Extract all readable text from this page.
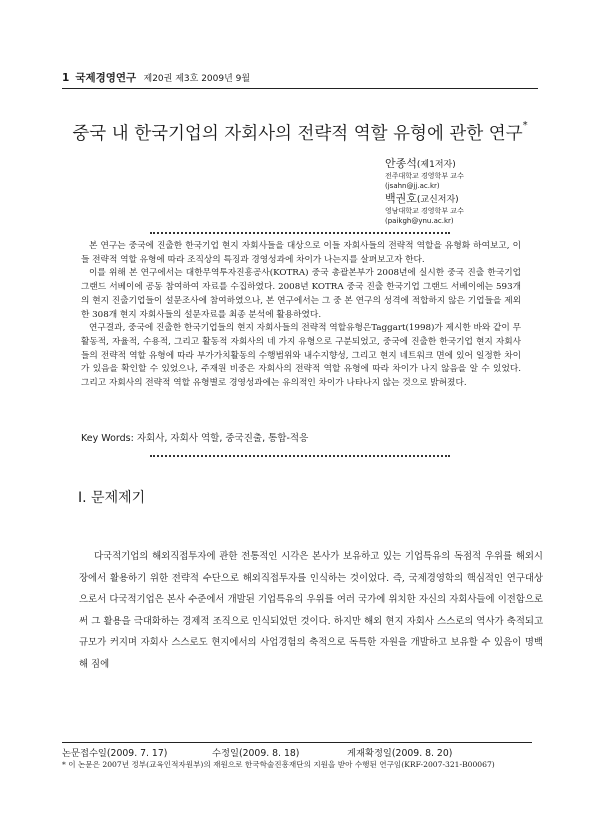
1 국제경영연구 제20권 제3호 2009년 9월
중국 내 한국기업의 자회사의 전략적 역할 유형에 관한 연구*
안종석(제1저자)
전주대학교 경영학부 교수
(jsahn@jj.ac.kr)
백권호(교신저자)
영남대학교 경영학부 교수
(paikgh@ynu.ac.kr)

본 연구는 중국에 진출한 한국기업 현지 자회사들을 대상으로 이들 자회사들의 전략적 역할을 유형화 하여보고, 이들 전략적 역할 유형에 따라 조직상의 특징과 경영성과에 차이가 나는지를 살펴보고자 한다.

이를 위해 본 연구에서는 대한무역투자진흥공사(KOTRA) 중국 총괄본부가 2008년에 실시한 중국 진출 한국기업 그랜드 서베이에 공동 참여하여 자료를 수집하였다. 2008년 KOTRA 중국 진출 한국기업 그랜드 서베이에는 593개의 현지 진출기업들이 설문조사에 참여하였으나, 본 연구에서는 그 중 본 연구의 성격에 적합하지 않은 기업들을 제외한 308개 현지 자회사들의 설문자료를 최종 분석에 활용하였다.

연구결과, 중국에 진출한 한국기업들의 현지 자회사들의 전략적 역할유형은Taggart(1998)가 제시한 바와 같이 무활동적, 자율적, 수용적, 그리고 활동적 자회사의 네 가지 유형으로 구분되었고, 중국에 진출한 한국기업 현지 자회사들의 전략적 역할 유형에 따라 부가가치활동의 수행범위와 내수지향성, 그리고 현지 네트워크 면에 있어 일정한 차이가 있음을 확인할 수 있었으나, 주재원 비중은 자회사의 전략적 역할 유형에 따라 차이가 나지 않음을 알 수 있었다. 그리고 자회사의 전략적 역할 유형별로 경영성과에는 유의적인 차이가 나타나지 않는 것으로 밝혀졌다.

Key Words: 자회사, 자회사 역할, 중국진출, 통합-적응
Ⅰ. 문제제기

다국적기업의 해외직접투자에 관한 전통적인 시각은 본사가 보유하고 있는 기업특유의 독점적 우위를 해외시장에서 활용하기 위한 전략적 수단으로 해외직접투자를 인식하는 것이었다. 즉, 국제경영학의 핵심적인 연구대상으로서 다국적기업은 본사 수준에서 개발된 기업특유의 우위를 여러 국가에 위치한 자신의 자회사들에 이전함으로써 그 활용을 극대화하는 경제적 조직으로 인식되었던 것이다. 하지만 해외 현지 자회사 스스로의 역사가 축적되고 규모가 커지며 자회사 스스로도 현지에서의 사업경험의 축적으로 독특한 자원을 개발하고 보유할 수 있음이 명백해 짐에

논문접수일(2009. 7. 17)	수정일(2009. 8. 18)	게재확정일(2009. 8. 20)
* 이 논문은 2007년 정부(교육인적자원부)의 재원으로 한국학술진흥재단의 지원을 받아 수행된 연구임(KRF-2007-321-B00067)
